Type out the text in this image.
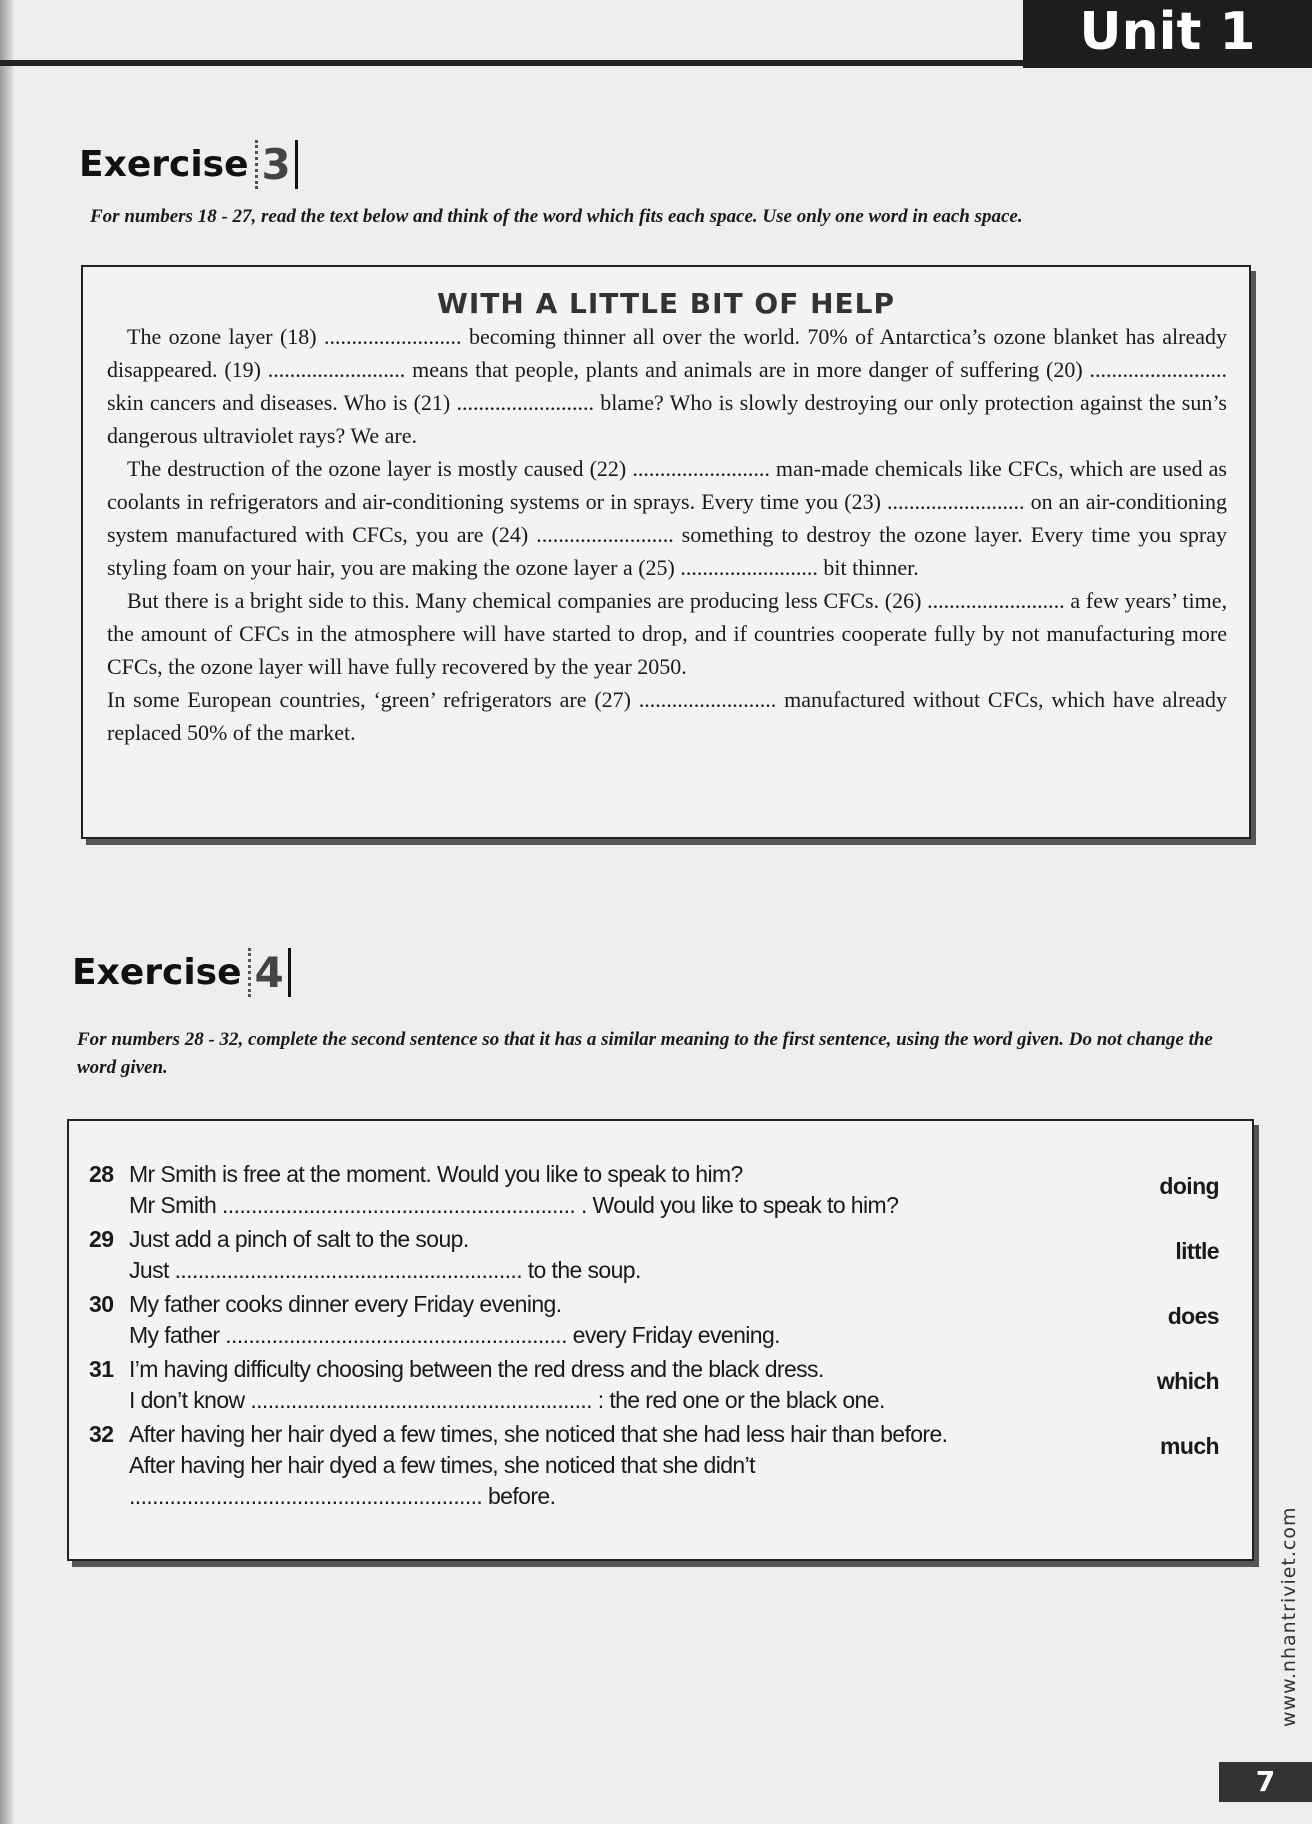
Unit 1
Exercise 3
For numbers 18 - 27, read the text below and think of the word which fits each space. Use only one word in each space.
WITH A LITTLE BIT OF HELP

The ozone layer (18) ......................... becoming thinner all over the world. 70% of Antarctica’s ozone blanket has already disappeared. (19) ......................... means that people, plants and animals are in more danger of suffering (20) ......................... skin cancers and diseases. Who is (21) ......................... blame? Who is slowly destroying our only protection against the sun’s dangerous ultraviolet rays? We are.

The destruction of the ozone layer is mostly caused (22) ......................... man-made chemicals like CFCs, which are used as coolants in refrigerators and air-conditioning systems or in sprays. Every time you (23) ......................... on an air-conditioning system manufactured with CFCs, you are (24) ......................... something to destroy the ozone layer. Every time you spray styling foam on your hair, you are making the ozone layer a (25) ......................... bit thinner.

But there is a bright side to this. Many chemical companies are producing less CFCs. (26) ......................... a few years’ time, the amount of CFCs in the atmosphere will have started to drop, and if countries cooperate fully by not manufacturing more CFCs, the ozone layer will have fully recovered by the year 2050.

In some European countries, ‘green’ refrigerators are (27) ......................... manufactured without CFCs, which have already replaced 50% of the market.

Exercise 4
For numbers 28 - 32, complete the second sentence so that it has a similar meaning to the first sentence, using the word given. Do not change the word given.
28 Mr Smith is free at the moment. Would you like to speak to him?
Mr Smith ............................................................. . Would you like to speak to him?
doing
29 Just add a pinch of salt to the soup.
Just ............................................................ to the soup.
little
30 My father cooks dinner every Friday evening.
My father ........................................................... every Friday evening.
does
31 I’m having difficulty choosing between the red dress and the black dress.
I don’t know ........................................................... : the red one or the black one.
which
32 After having her hair dyed a few times, she noticed that she had less hair than before.
After having her hair dyed a few times, she noticed that she didn’t
............................................................. before.
much
www.nhantriviet.com
7
